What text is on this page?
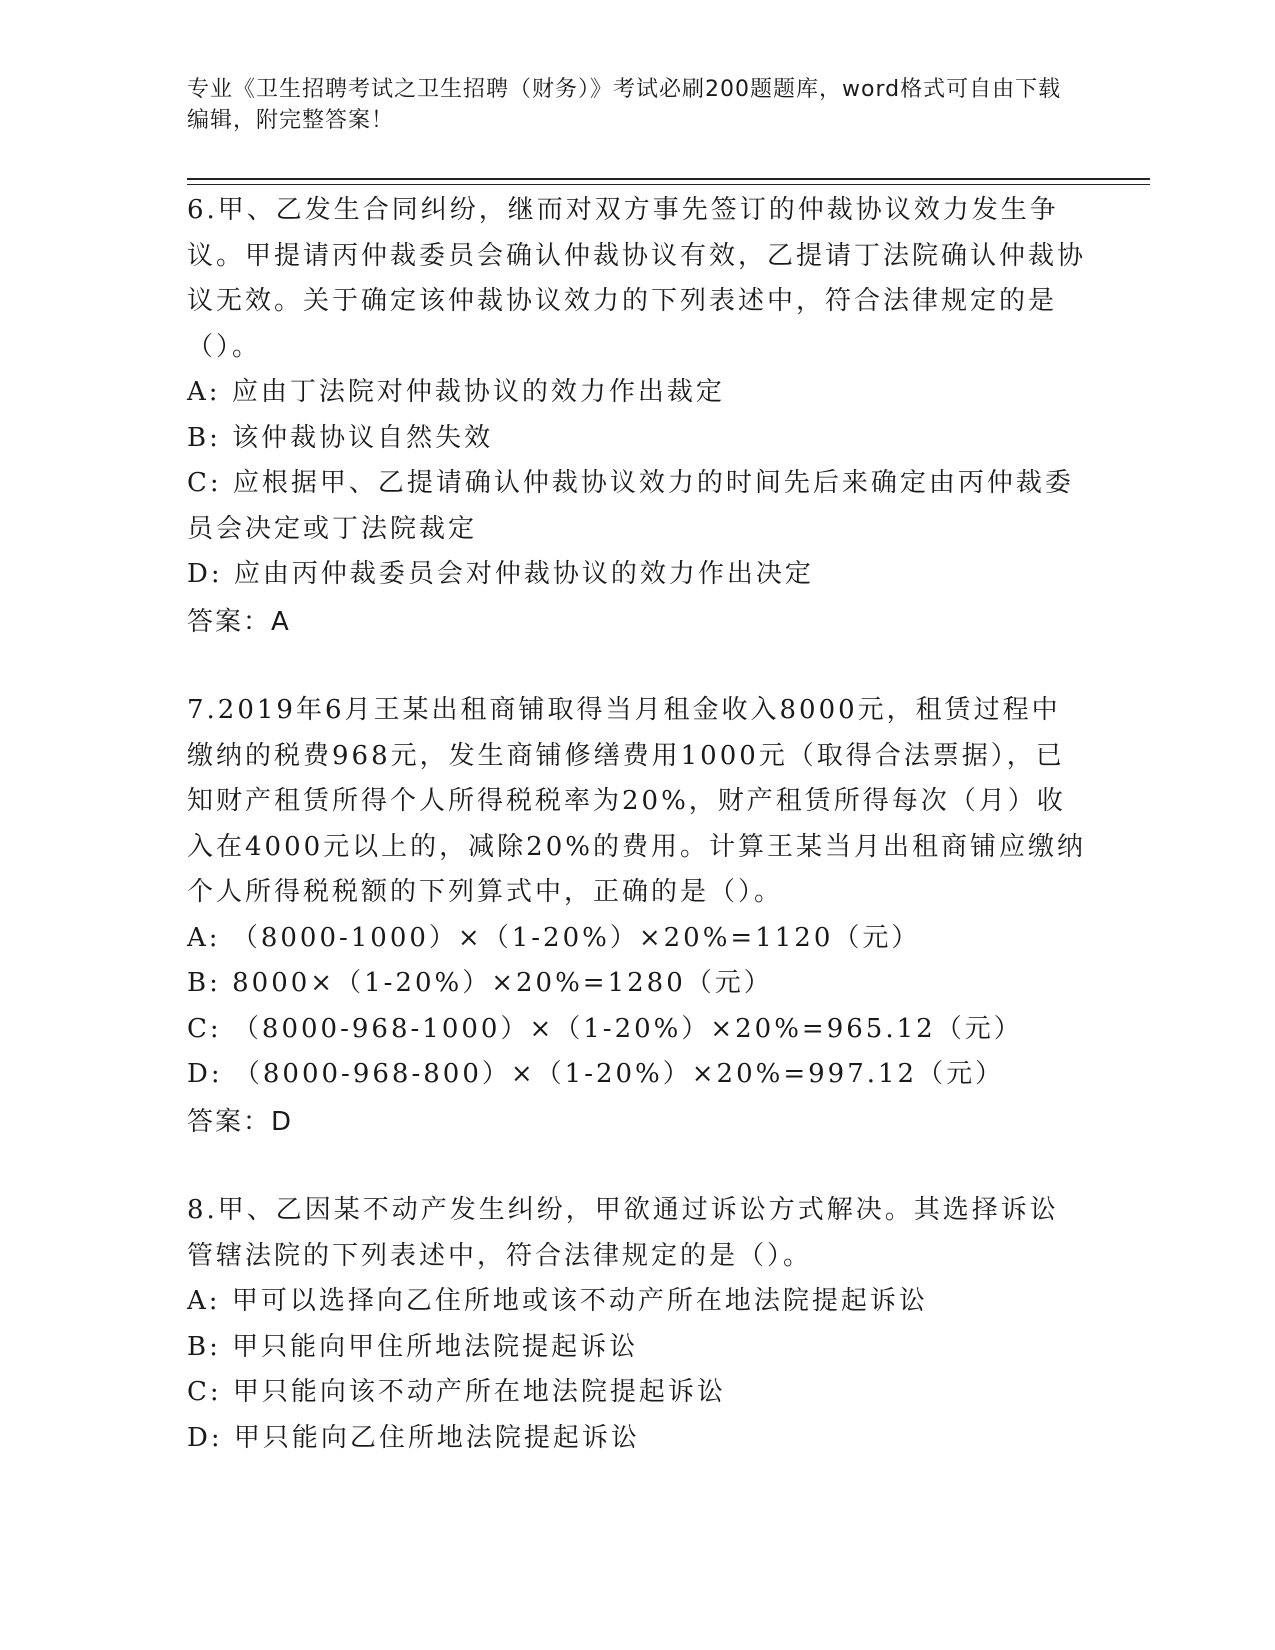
专业《卫生招聘考试之卫生招聘（财务）》考试必刷200题题库，word格式可自由下载编辑，附完整答案！

6.甲、乙发生合同纠纷，继而对双方事先签订的仲裁协议效力发生争议。甲提请丙仲裁委员会确认仲裁协议有效，乙提请丁法院确认仲裁协议无效。关于确定该仲裁协议效力的下列表述中，符合法律规定的是（）。

A: 应由丁法院对仲裁协议的效力作出裁定

B: 该仲裁协议自然失效

C: 应根据甲、乙提请确认仲裁协议效力的时间先后来确定由丙仲裁委员会决定或丁法院裁定

D: 应由丙仲裁委员会对仲裁协议的效力作出决定

答案：A

7.2019年6月王某出租商铺取得当月租金收入8000元，租赁过程中缴纳的税费968元，发生商铺修缮费用1000元（取得合法票据），已知财产租赁所得个人所得税税率为20%，财产租赁所得每次（月）收入在4000元以上的，减除20%的费用。计算王某当月出租商铺应缴纳个人所得税税额的下列算式中，正确的是（）。

A: （8000-1000）×（1-20%）×20%=1120（元）

B: 8000×（1-20%）×20%=1280（元）

C: （8000-968-1000）×（1-20%）×20%=965.12（元）

D: （8000-968-800）×（1-20%）×20%=997.12（元）

答案：D

8.甲、乙因某不动产发生纠纷，甲欲通过诉讼方式解决。其选择诉讼管辖法院的下列表述中，符合法律规定的是（）。

A: 甲可以选择向乙住所地或该不动产所在地法院提起诉讼

B: 甲只能向甲住所地法院提起诉讼

C: 甲只能向该不动产所在地法院提起诉讼

D: 甲只能向乙住所地法院提起诉讼
